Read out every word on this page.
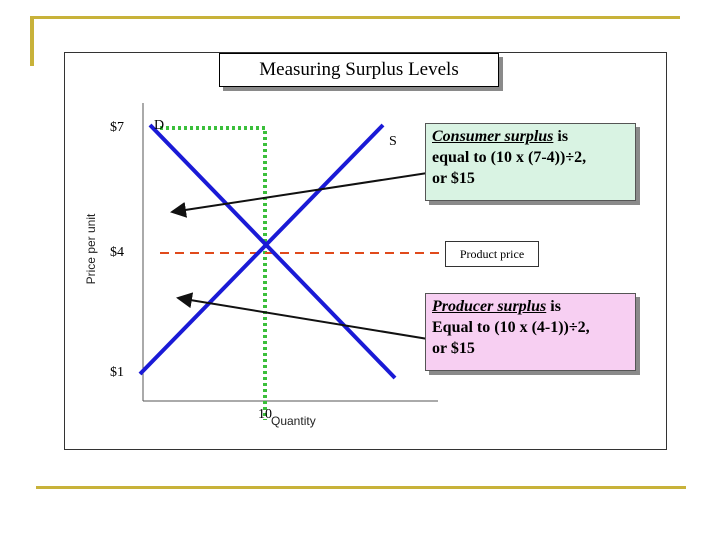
Measuring Surplus Levels
$7
$4
$1
D
S
10 Quantity
Price per unit
Consumer surplus is
equal to (10 x (7-4))÷2,
or $15
Product price
Producer surplus is
Equal to (10 x (4-1))÷2,
or $15
